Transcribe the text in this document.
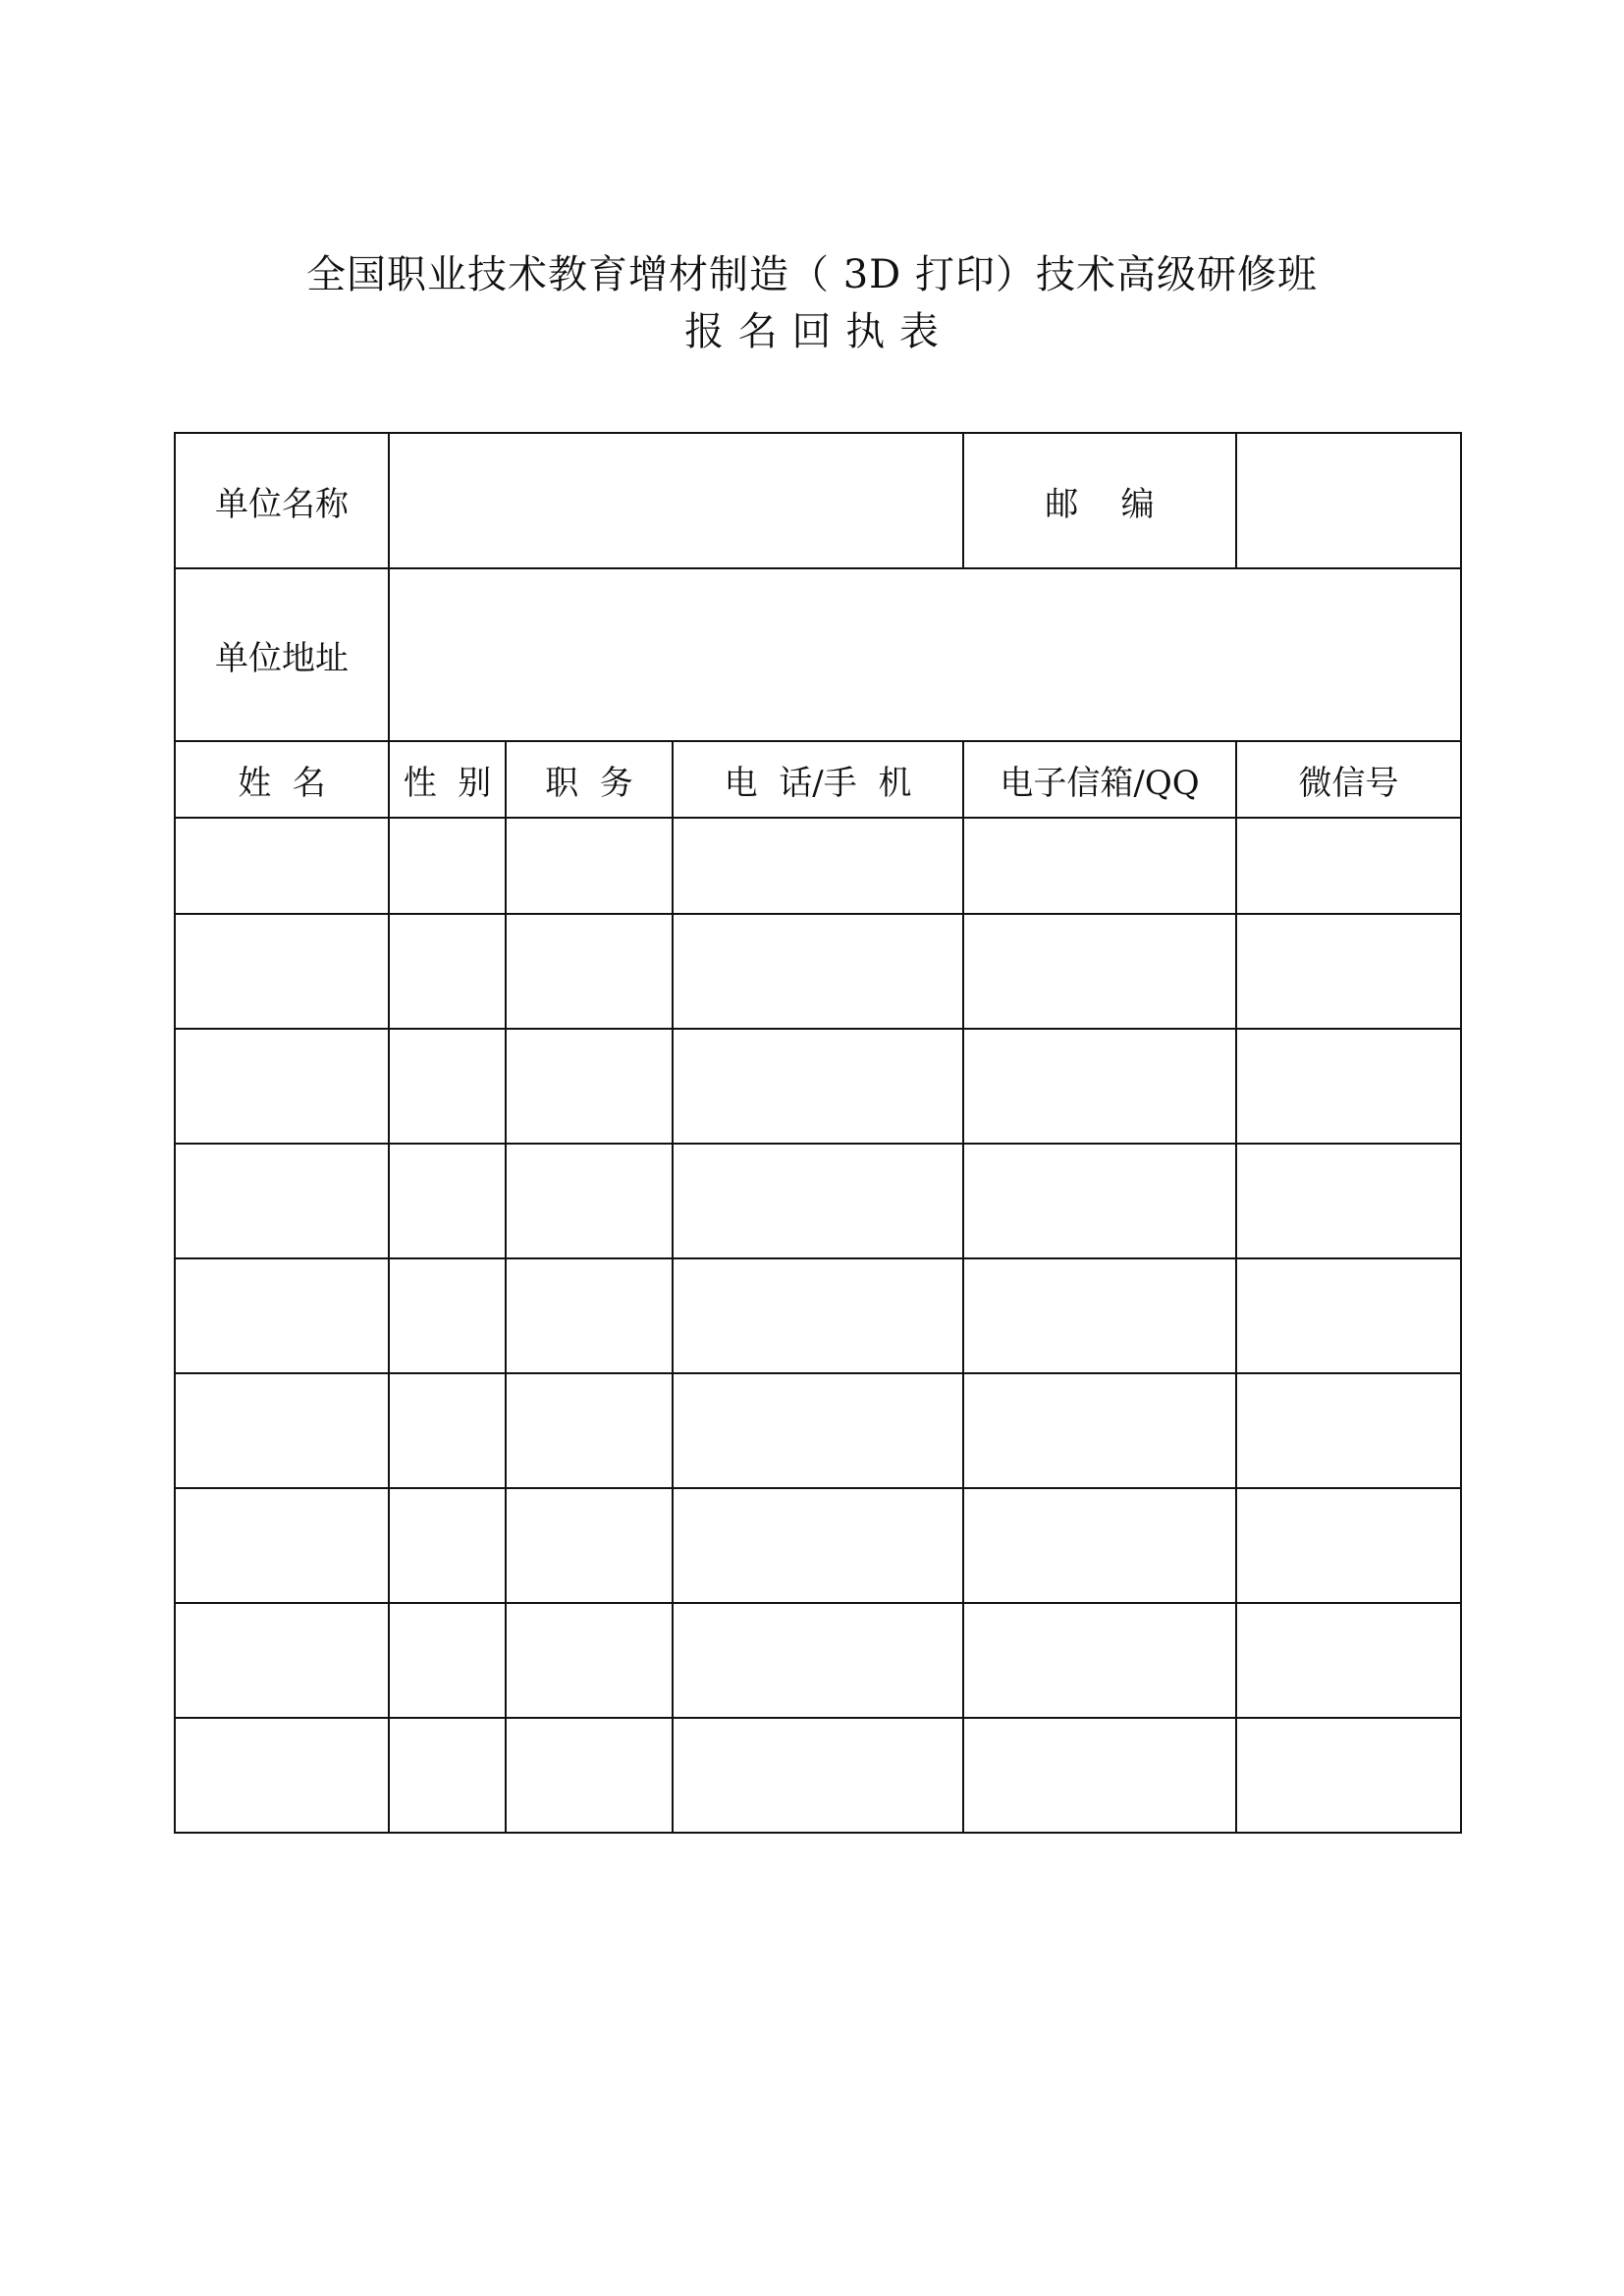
全国职业技术教育增材制造（ 3D 打印）技术高级研修班
报 名 回 执 表
单位名称				邮    编	
单位地址					
姓  名	性  别	职  务	电  话/手  机	电子信箱/QQ	微信号
